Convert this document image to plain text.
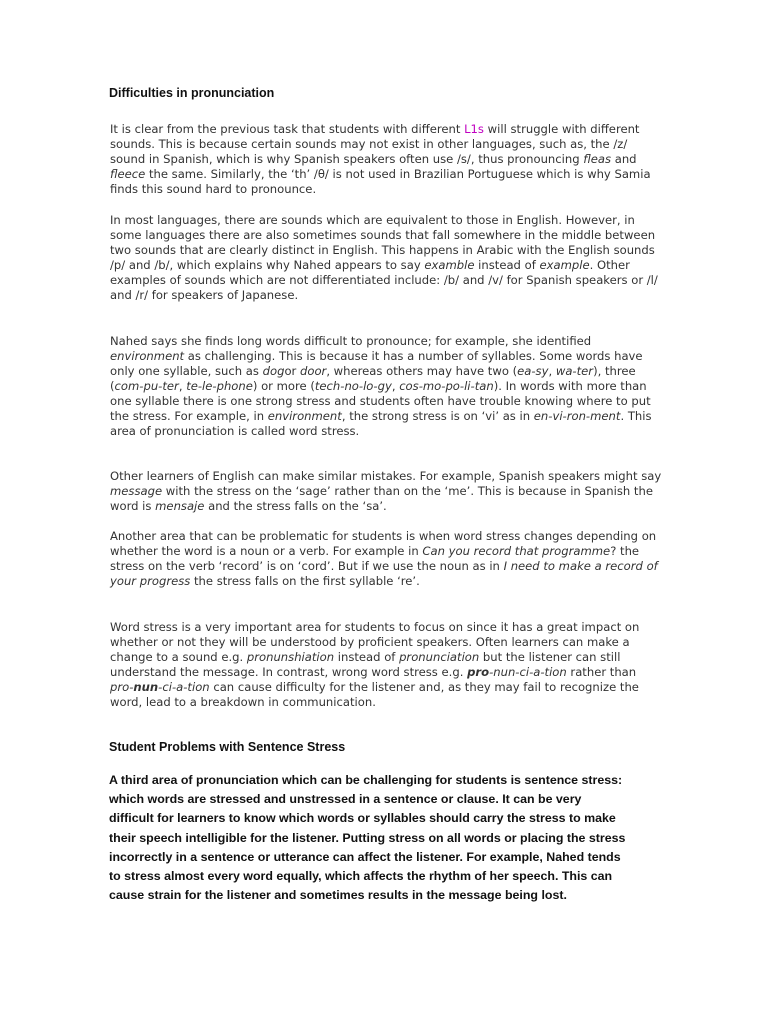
Difficulties in pronunciation

It is clear from the previous task that students with different L1s will struggle with different sounds. This is because certain sounds may not exist in other languages, such as, the /z/ sound in Spanish, which is why Spanish speakers often use /s/, thus pronouncing fleas and fleece the same. Similarly, the ‘th’ /θ/ is not used in Brazilian Portuguese which is why Samia finds this sound hard to pronounce.

In most languages, there are sounds which are equivalent to those in English. However, in some languages there are also sometimes sounds that fall somewhere in the middle between two sounds that are clearly distinct in English. This happens in Arabic with the English sounds /p/ and /b/, which explains why Nahed appears to say examble instead of example. Other examples of sounds which are not differentiated include: /b/ and /v/ for Spanish speakers or /l/ and /r/ for speakers of Japanese.

Nahed says she finds long words difficult to pronounce; for example, she identified environment as challenging. This is because it has a number of syllables. Some words have only one syllable, such as dogor door, whereas others may have two (ea-sy, wa-ter), three (com-pu-ter, te-le-phone) or more (tech-no-lo-gy, cos-mo-po-li-tan). In words with more than one syllable there is one strong stress and students often have trouble knowing where to put the stress. For example, in environment, the strong stress is on ‘vi’ as in en-vi-ron-ment. This area of pronunciation is called word stress.

Other learners of English can make similar mistakes. For example, Spanish speakers might say message with the stress on the ‘sage’ rather than on the ‘me’. This is because in Spanish the word is mensaje and the stress falls on the ‘sa’.

Another area that can be problematic for students is when word stress changes depending on whether the word is a noun or a verb. For example in Can you record that programme? the stress on the verb ‘record’ is on ‘cord’. But if we use the noun as in I need to make a record of your progress the stress falls on the first syllable ‘re’.

Word stress is a very important area for students to focus on since it has a great impact on whether or not they will be understood by proficient speakers. Often learners can make a change to a sound e.g. pronunshiation instead of pronunciation but the listener can still understand the message. In contrast, wrong word stress e.g. pro-nun-ci-a-tion rather than pro-nun-ci-a-tion can cause difficulty for the listener and, as they may fail to recognize the word, lead to a breakdown in communication.

Student Problems with Sentence Stress

A third area of pronunciation which can be challenging for students is sentence stress: which words are stressed and unstressed in a sentence or clause. It can be very difficult for learners to know which words or syllables should carry the stress to make their speech intelligible for the listener. Putting stress on all words or placing the stress incorrectly in a sentence or utterance can affect the listener. For example, Nahed tends to stress almost every word equally, which affects the rhythm of her speech. This can cause strain for the listener and sometimes results in the message being lost.
